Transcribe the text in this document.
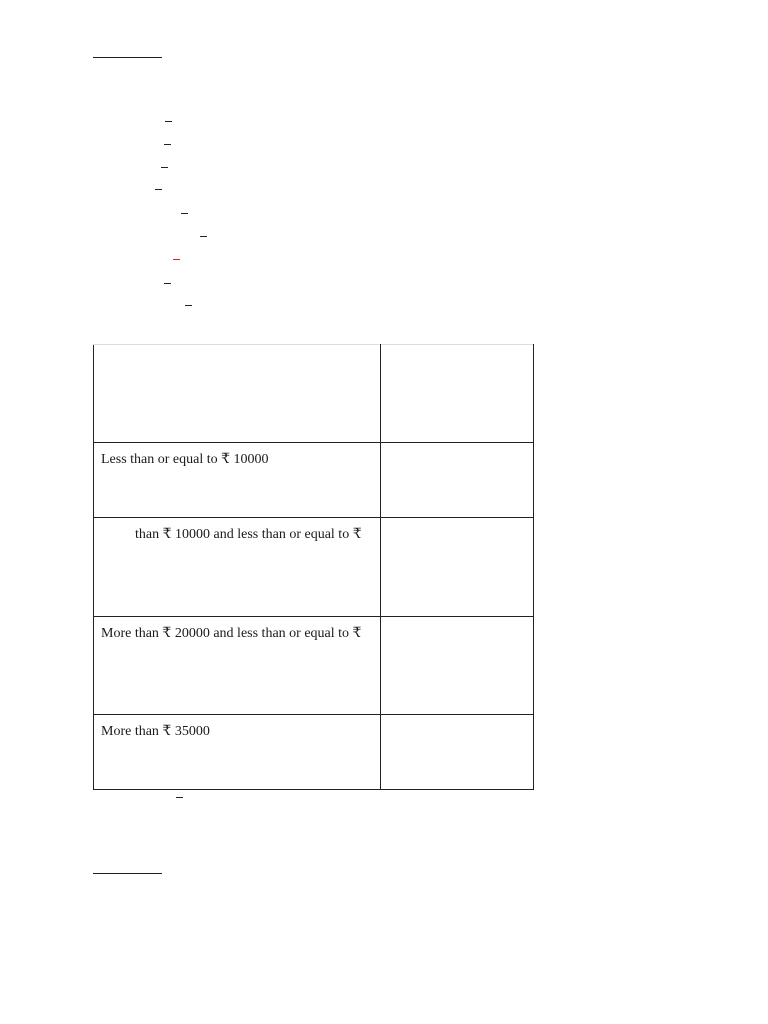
Less than or equal to ₹ 10000	
than ₹ 10000 and less than or equal to ₹	
More than ₹ 20000 and less than or equal to ₹	
More than ₹ 35000	
